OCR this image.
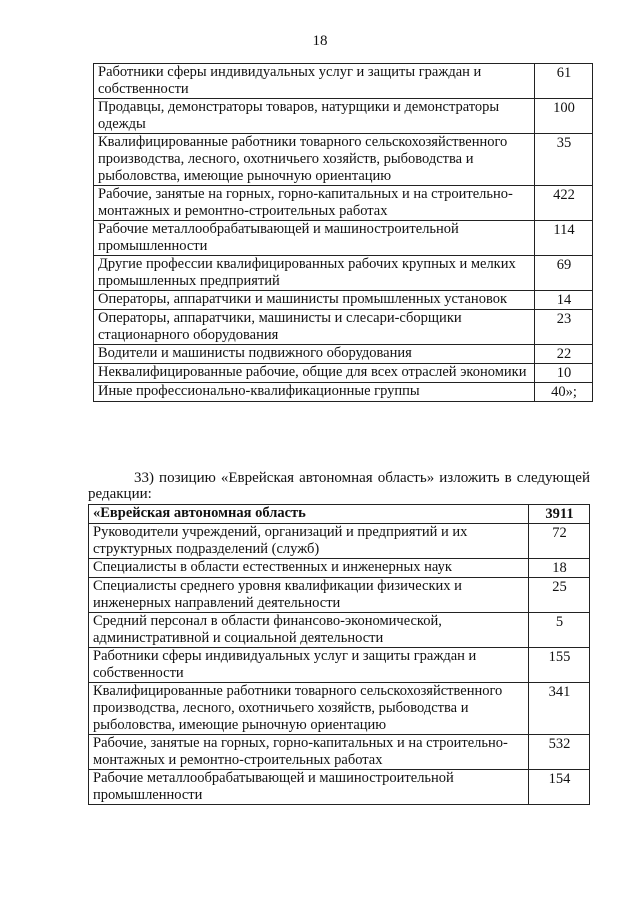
18
Работники сферы индивидуальных услуг и защиты граждан и собственности	61
Продавцы, демонстраторы товаров, натурщики и демонстраторы одежды	100
Квалифицированные работники товарного сельскохозяйственного производства, лесного, охотничьего хозяйств, рыбоводства и рыболовства, имеющие рыночную ориентацию	35
Рабочие, занятые на горных, горно-капитальных и на строительно-монтажных и ремонтно-строительных работах	422
Рабочие металлообрабатывающей и машиностроительной промышленности	114
Другие профессии квалифицированных рабочих крупных и мелких промышленных предприятий	69
Операторы, аппаратчики и машинисты промышленных установок	14
Операторы, аппаратчики, машинисты и слесари-сборщики стационарного оборудования	23
Водители и машинисты подвижного оборудования	22
Неквалифицированные рабочие, общие для всех отраслей экономики	10
Иные профессионально-квалификационные группы	40»;
33) позицию «Еврейская автономная область» изложить в следующей редакции:
«Еврейская автономная область	3911
Руководители учреждений, организаций и предприятий и их структурных подразделений (служб)	72
Специалисты в области естественных и инженерных наук	18
Специалисты среднего уровня квалификации физических и инженерных направлений деятельности	25
Средний персонал в области финансово-экономической, административной и социальной деятельности	5
Работники сферы индивидуальных услуг и защиты граждан и собственности	155
Квалифицированные работники товарного сельскохозяйственного производства, лесного, охотничьего хозяйств, рыбоводства и рыболовства, имеющие рыночную ориентацию	341
Рабочие, занятые на горных, горно-капитальных и на строительно-монтажных и ремонтно-строительных работах	532
Рабочие металлообрабатывающей и машиностроительной промышленности	154
